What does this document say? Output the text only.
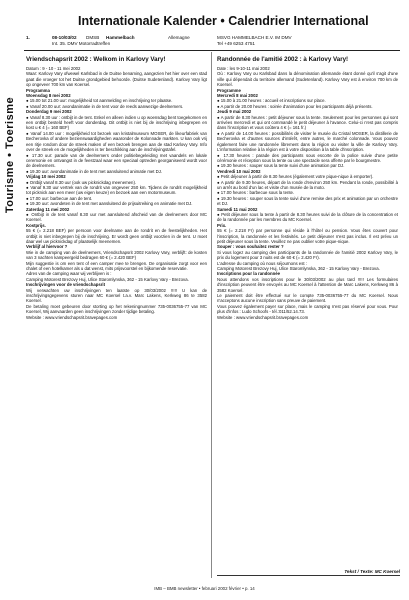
Tourisme • Toerisme
Internationale Kalender • Calendrier International
1.	08-10/03/02	DMSB	Hammelbach	Allemagne
Int. 35. DMV Motorradtreffen
MSVG HAMMELBACH E.V. IM DMV
Tel +49 6253 4751
Vriendschapsrit 2002 : Welkom in Karlovy Vary!

Datum : 9 - 10 - 11 mei 2002

Waar: Karlovy Vary ofwewel Karlsbad in de Duitse benaming, aangezien het hier over een stad gaat die vroeger tot het Duitse grondgebied behoorde. (Duitse Sudetenland). Karlovy Vary ligt op ongeveer 700 km van Koersel.

Programma

Woensdag 8 mei 2002

● 15.00 tot 21.00 uur: mogelijkheid tot aanmelding en inschrijving ter plaatse.

● Vanaf 20.00 uur: avondanimatie in de tent voor de reeds aanwezige deelnemers.

Donderdag 9 mei 2002

● Vanaf 8.30 uur : ontbijt in de tent. Enkel en alleen indien u op woensdag bent toegekomen en een ontbijt besteld heeft voor donderdag. Dit ontbijt is niet bij de inschrijving inbegrepen en kost u € 4 (= 160 BEF)

● Vanaf 14.00 uur : mogelijkheid tot bezoek van kristalmuseum MOSER, de likeurfabriek van Becherovka of andere bezienswaardigheden waaronder de Kolonnade markten. U kan ook vrij een ritje rondom door de streek maken of een bezoek brengen aan de stad Karlovy Vary. Info over de streek en de mogelijkheden is ter beschikking aan de inschrijvingstafel.

● 17.30 uur: parade van de deelnemers onder politiebegeleiding met vaandels en lokale ceremonie en ontvangst in de feestzaal waar een speciaal optreden georganiseerd wordt voor de deelnemers.

● 19.30 uur: avondanimatie in de tent met aansluitend animatie met DJ.

Vrijdag 10 mei 2002

● Ontbijt vanaf 8.30 uur (ook uw picknickdag meenemen).

● Vanaf 9.30 uur vertrek van de rondrit van ongeveer 250 km. Tijdens de rondrit mogelijkheid tot picknick aan een meer (uw eigen keuze) en bezoek aan een motormuseum.

● 17.00 uur: barbecue aan de tent.

● 19.30 uur: avondeten in de tent met aansluitend de prijsuitreiking en animatie met DJ.

Zaterdag 11 mei 2002

● Ontbijt in de tent vanaf 8.30 uur met aansluitend afscheid van de deelnemers door MC Koersel.

Kostprijs.

55 € (= 2.218 BEF) per persoon voor deelname aan de rondrit en de feestelijkheden. Het ontbijt is niet inbegrepen bij de inschrijving. Er wordt geen ontbijt voorzien in de tent. U moet daar wel uw picknickdag of plaatselijk meenemen.

Verblijf al hiervoor ?

Wie in de camping van de deelnemers, Vriendschapsrit 2002 Karlovy Vary, verblijft: de kosten van 3 nachten kampeergeld bedragen 60 € (= 2.420 BEF)

Mijn suggestie is om een tent of een camper mee te brengen. De organisatie zorgt voor een chalet of een hotelkamer als u dat wenst, mits prijsvoorstel en bijkomende reservatie.

Adres van de camping waar wij verblijven is :

Camping Motorest Brezovy Huj, Ulice Staromlynska, 362 - 15 Karlovy Vary - Brezova.

Inschrijvingen voor de vriendschapsrit

Wij verwachten uw inschrijvingen ten laatste op 30/03/2002 !!!!! U kan de inschrijvingsgegevens sturen naar MC Koersel t.a.v. Marc Lakens, Kerkweg 86 te 3582 Koersel.

De betaling moet gebeuren door storting op het rekeningnummer 735-0036755-77 van MC Koersel, Wij aanvaarden geen inschrijvingen zonder tijdige betaling.

Website : www.vriendschapsrit.bravepages.com

Randonnée de l'amitié 2002 : à Karlovy Vary!

Date : les 9-10-11 mai 2002

Où : Karlovy Vary ou Karlsbad dans la dénomination allemande étant donné qu'il s'agit d'une ville qui dépendait du territoire allemand (Sudetenland). Karlovy Vary est à environ 700 km de Koersel.

Programme

Mercredi 8 mai 2002

● 15.00 à 21.00 heures : accueil et inscriptions sur place.

● A partir de 20.00 heures : soirée d'animation pour les participants déjà présents.

Jeudi 9 mai 2002

● A partir de 8.30 heures : petit déjeuner sous la tente. Seulement pour les personnes qui sont arrivées mercredi et qui ont commandé le petit déjeuner à l'avance. Celui-ci n'est pas compris dans l'inscription et vous coûtera 4 € (= 161 fr.)

● A partir de 14.00 heures : possibilités de visiter le musée du Cristal MOSER, la distillerie de Becherovka et d'autres sources d'intérêt, entre autres, le marché colonnade. Vous pouvez également faire une randonnée librement dans la région ou visiter la ville de Karlovy Vary. L'information relative à la région est à votre disposition à la table d'inscription.

● 17.30 heures : parade des participants sous escorte de la police suivie d'une petite cérémonie et réception sous la tente ou une spectacle sera offerte par le bourgmestre.

● 19.30 heures : souper sous la tente suivi d'une animation par DJ.

Vendredi 10 mai 2002

● Petit déjeuner à partir de 8.30 heures (également votre pique-nique à emporter).

● A partir de 9.30 heures, départ de la ronde d'environ 250 km. Pendant la ronde, possibilité à un arrêt au bord d'un lac et visite d'un musée de la moto.

● 17.00 heures : barbecue sous la tente.

● 19.30 heures : souper sous la tente suivi d'une remise des prix et animation par un orchestre et DJ.

Samedi 11 mai 2002

● Petit déjeuner sous la tente à partir de 8.30 heures suivi de la clôture de la concentration et de la randonnée par les membres du MC Koersel.

Prix.

55 € (= 2.218 Fr) par personne qui réside à l'hôtel ou pension. Vous êtes couvert pour l'inscription, la randonnée et les festivités. Le petit déjeuner n'est pas inclus. Il est prévu un petit déjeuner sous la tente. Veuillez ne pas oublier votre pique-nique.

Souper : vous souhaitez rester ?

Si vous logez au camping des participants de la randonnée de l'amitié 2002 Karlovy Vary, le prix du logement pour 3 nuits est de 60 € (= 2.420 Fr).

L'adresse du camping où nous séjournons est :

Camping Motorest Brezovy Huj, Ulice Staromlynska, 362 - 15 Karlovy Vary - Brezova.

Inscriptions pour la randonnée

Nous attendons vos inscriptions pour le 30/03/2002 au plus tard !!!!! Les formulaires d'inscription peuvent être envoyés au MC Koersel à l'attention de Marc Lakens, Kerkweg 86 à 3582 Koersel.

Le paiement doit être effectué sur le compte 735-0036755-77 du MC Koersel. Nous n'acceptons aucune inscription sans preuve de paiement.

Vous pouvez également payer sur place, mais le camping n'est pas réservé pour vous. Pour plus d'infos : Ludo Schoofs - tél.:011/52.14.73.

Website : www.vriendschapsrit.bravepages.com

Tekst / Texte: MC Koersel
IMB – BMB newsletter • februari 2002 février • p. 14
